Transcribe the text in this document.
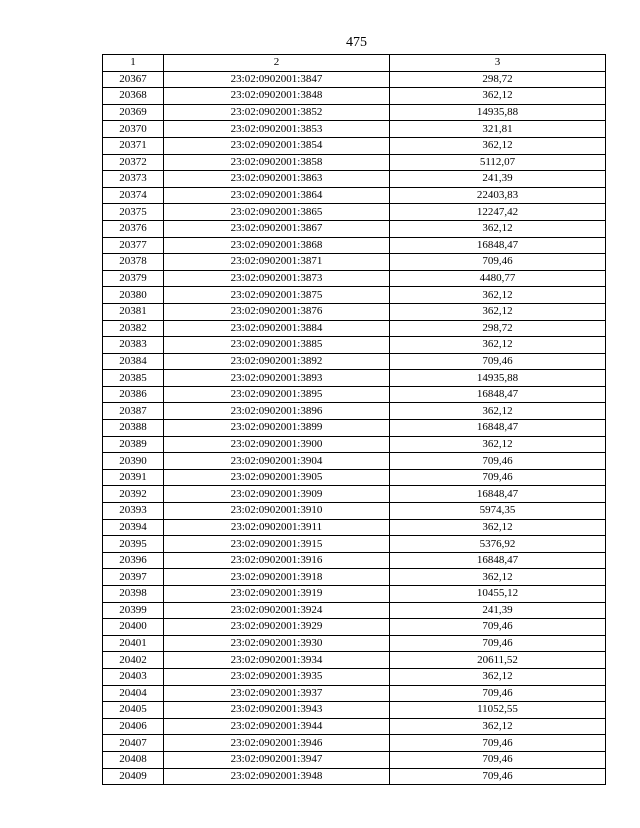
475
1	2	3
20367	23:02:0902001:3847	298,72
20368	23:02:0902001:3848	362,12
20369	23:02:0902001:3852	14935,88
20370	23:02:0902001:3853	321,81
20371	23:02:0902001:3854	362,12
20372	23:02:0902001:3858	5112,07
20373	23:02:0902001:3863	241,39
20374	23:02:0902001:3864	22403,83
20375	23:02:0902001:3865	12247,42
20376	23:02:0902001:3867	362,12
20377	23:02:0902001:3868	16848,47
20378	23:02:0902001:3871	709,46
20379	23:02:0902001:3873	4480,77
20380	23:02:0902001:3875	362,12
20381	23:02:0902001:3876	362,12
20382	23:02:0902001:3884	298,72
20383	23:02:0902001:3885	362,12
20384	23:02:0902001:3892	709,46
20385	23:02:0902001:3893	14935,88
20386	23:02:0902001:3895	16848,47
20387	23:02:0902001:3896	362,12
20388	23:02:0902001:3899	16848,47
20389	23:02:0902001:3900	362,12
20390	23:02:0902001:3904	709,46
20391	23:02:0902001:3905	709,46
20392	23:02:0902001:3909	16848,47
20393	23:02:0902001:3910	5974,35
20394	23:02:0902001:3911	362,12
20395	23:02:0902001:3915	5376,92
20396	23:02:0902001:3916	16848,47
20397	23:02:0902001:3918	362,12
20398	23:02:0902001:3919	10455,12
20399	23:02:0902001:3924	241,39
20400	23:02:0902001:3929	709,46
20401	23:02:0902001:3930	709,46
20402	23:02:0902001:3934	20611,52
20403	23:02:0902001:3935	362,12
20404	23:02:0902001:3937	709,46
20405	23:02:0902001:3943	11052,55
20406	23:02:0902001:3944	362,12
20407	23:02:0902001:3946	709,46
20408	23:02:0902001:3947	709,46
20409	23:02:0902001:3948	709,46
